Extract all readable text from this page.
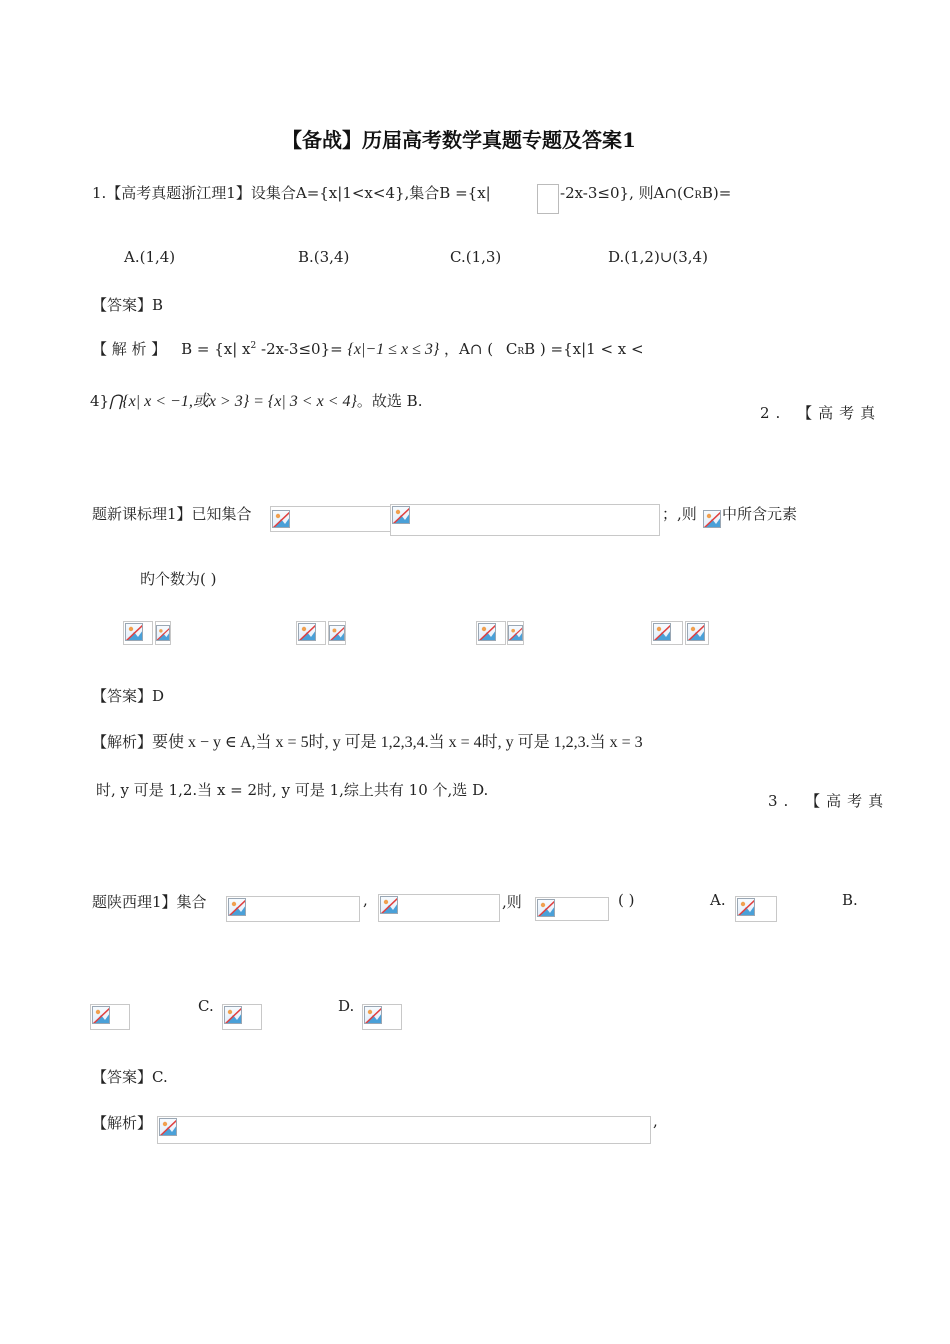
【备战】历届高考数学真题专题及答案1
1.【高考真题浙江理1】设集合A={x|1<x<4},集合B ={x|	-2x-3≤0}, 则A∩(CRB)=
A.(1,4)	B.(3,4)	C.(1,3)	D.(1,2)∪(3,4)
【答案】B
【 解 析 】 B = {x| $x^2$ -2x-3≤0}= {x|−1 ≤ x ≤ 3} ，A∩ ( CRB ) ={x|1 < x <
4}⋂{x| x < −1,或x > 3} = {x| 3 < x < 4}。故选 B.
2. 【高考真
题新课标理1】已知集合	；,则 中所含元素
旳个数为( )
【答案】D
【解析】要使 x − y ∈ A,当 x = 5时, y 可是 1,2,3,4.当 x = 4时, y 可是 1,2,3.当 x = 3
时, y 可是 1,2.当 x = 2时, y 可是 1,综上共有 10 个,选 D.
3. 【高考真
题陕西理1】集合	,	,则	( )	A.	B.
C.	D.
【答案】C.
【解析】	,
